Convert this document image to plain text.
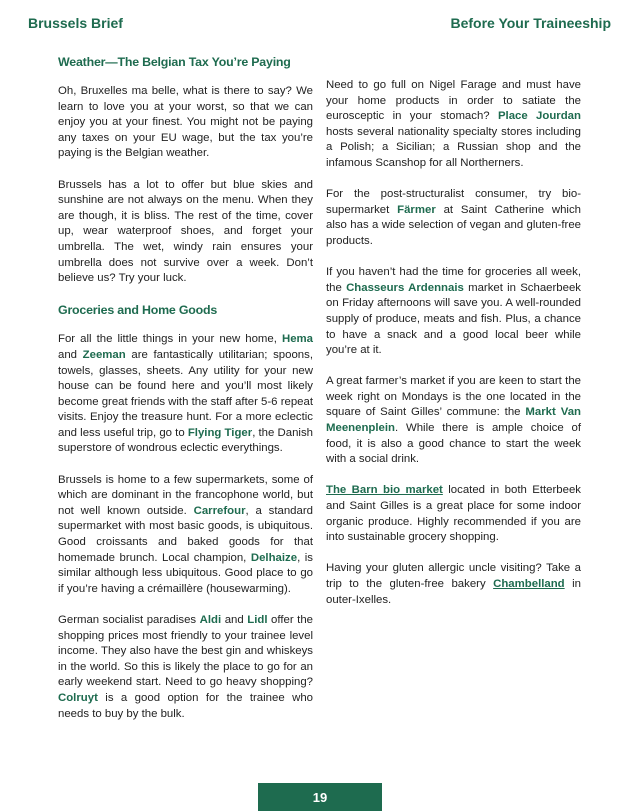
Brussels Brief	Before Your Traineeship
Weather—The Belgian Tax You’re Paying

Oh, Bruxelles ma belle, what is there to say? We learn to love you at your worst, so that we can enjoy you at your finest. You might not be paying any taxes on your EU wage, but the tax you’re paying is the Belgian weather.

Brussels has a lot to offer but blue skies and sunshine are not always on the menu. When they are though, it is bliss. The rest of the time, cover up, wear waterproof shoes, and forget your umbrella. The wet, windy rain ensures your umbrella does not survive over a week. Don’t believe us? Try your luck.

Groceries and Home Goods

For all the little things in your new home, Hema and Zeeman are fantastically utilitarian; spoons, towels, glasses, sheets. Any utility for your new house can be found here and you’ll most likely become great friends with the staff after 5-6 repeat visits. Enjoy the treasure hunt. For a more eclectic and less useful trip, go to Flying Tiger, the Danish superstore of wondrous eclectic everythings.

Brussels is home to a few supermarkets, some of which are dominant in the francophone world, but not well known outside. Carrefour, a standard supermarket with most basic goods, is ubiquitous. Good croissants and baked goods for that homemade brunch. Local champion, Delhaize, is similar although less ubiquitous. Good place to go if you’re having a crémaillère (housewarming).

German socialist paradises Aldi and Lidl offer the shopping prices most friendly to your trainee level income. They also have the best gin and whiskeys in the world. So this is likely the place to go for an early weekend start. Need to go heavy shopping? Colruyt is a good option for the trainee who needs to buy by the bulk.

Need to go full on Nigel Farage and must have your home products in order to satiate the eurosceptic in your stomach? Place Jourdan hosts several nationality specialty stores including a Polish; a Sicilian; a Russian shop and the infamous Scanshop for all Northerners.

For the post-structuralist consumer, try bio-supermarket Färmer at Saint Catherine which also has a wide selection of vegan and gluten-free products.

If you haven’t had the time for groceries all week, the Chasseurs Ardennais market in Schaerbeek on Friday afternoons will save you. A well-rounded supply of produce, meats and fish. Plus, a chance to have a snack and a good local beer while you’re at it.

A great farmer’s market if you are keen to start the week right on Mondays is the one located in the square of Saint Gilles’ commune: the Markt Van Meenenplein. While there is ample choice of food, it is also a good chance to start the week with a social drink.

The Barn bio market located in both Etterbeek and Saint Gilles is a great place for some indoor organic produce. Highly recommended if you are into sustainable grocery shopping.

Having your gluten allergic uncle visiting? Take a trip to the gluten-free bakery Chambelland in outer-Ixelles.

19
